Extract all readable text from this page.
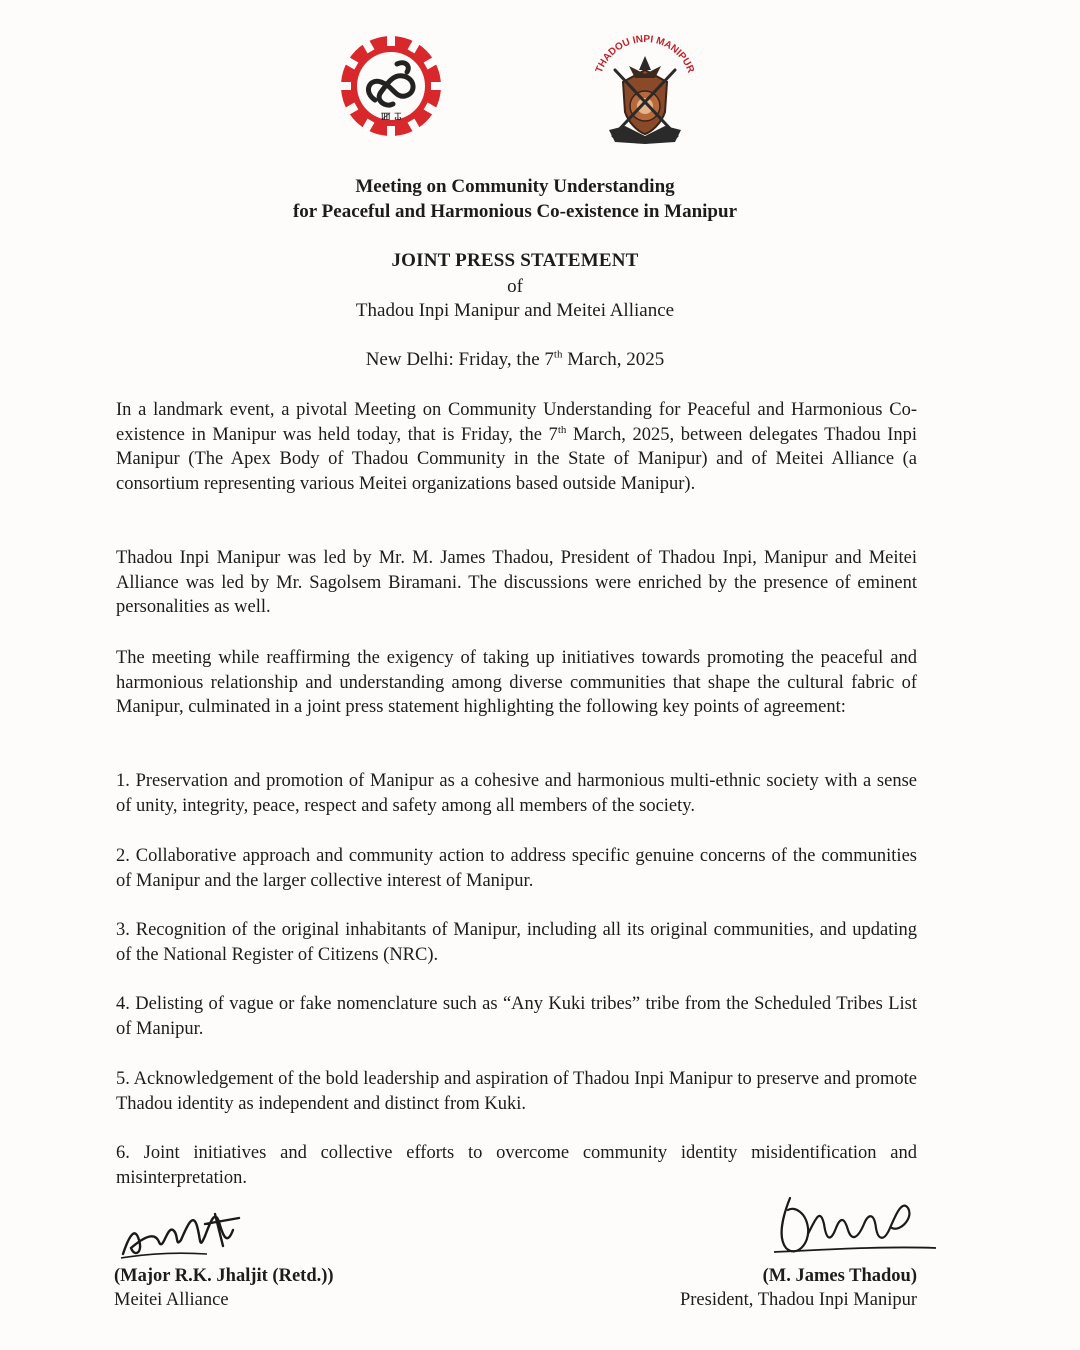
ꯀ ꯊ
THADOU INPI MANIPUR
Meeting on Community Understanding
for Peaceful and Harmonious Co-existence in Manipur
JOINT PRESS STATEMENT
of
Thadou Inpi Manipur and Meitei Alliance
New Delhi: Friday, the 7th March, 2025
In a landmark event, a pivotal Meeting on Community Understanding for Peaceful and Harmonious Co-existence in Manipur was held today, that is Friday, the 7th March, 2025, between delegates Thadou Inpi Manipur (The Apex Body of Thadou Community in the State of Manipur) and of Meitei Alliance (a consortium representing various Meitei organizations based outside Manipur).
Thadou Inpi Manipur was led by Mr. M. James Thadou, President of Thadou Inpi, Manipur and Meitei Alliance was led by Mr. Sagolsem Biramani. The discussions were enriched by the presence of eminent personalities as well.
The meeting while reaffirming the exigency of taking up initiatives towards promoting the peaceful and harmonious relationship and understanding among diverse communities that shape the cultural fabric of Manipur, culminated in a joint press statement highlighting the following key points of agreement:
1. Preservation and promotion of Manipur as a cohesive and harmonious multi-ethnic society with a sense of unity, integrity, peace, respect and safety among all members of the society.
2. Collaborative approach and community action to address specific genuine concerns of the communities of Manipur and the larger collective interest of Manipur.
3. Recognition of the original inhabitants of Manipur, including all its original communities, and updating of the National Register of Citizens (NRC).
4. Delisting of vague or fake nomenclature such as “Any Kuki tribes” tribe from the Scheduled Tribes List of Manipur.
5. Acknowledgement of the bold leadership and aspiration of Thadou Inpi Manipur to preserve and promote Thadou identity as independent and distinct from Kuki.
6. Joint initiatives and collective efforts to overcome community identity misidentification and misinterpretation.
(Major R.K. Jhaljit (Retd.))
Meitei Alliance
(M. James Thadou)
President, Thadou Inpi Manipur
